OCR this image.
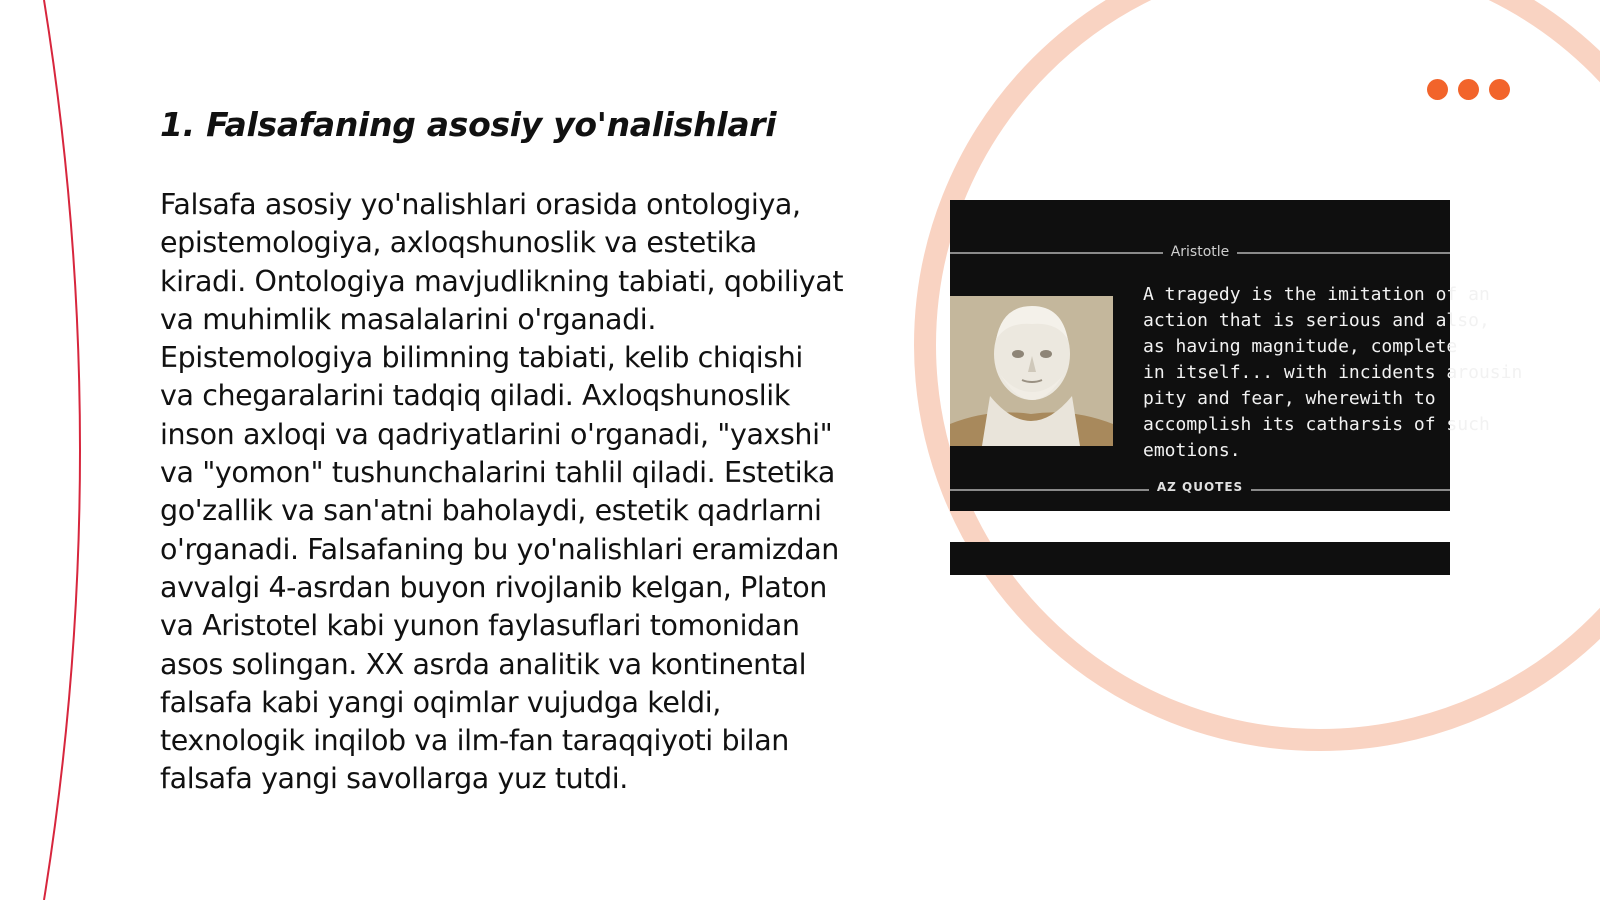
1. Falsafaning asosiy yo'nalishlari

Falsafa asosiy yo'nalishlari orasida ontologiya, epistemologiya, axloqshunoslik va estetika kiradi. Ontologiya mavjudlikning tabiati, qobiliyat va muhimlik masalalarini o'rganadi. Epistemologiya bilimning tabiati, kelib chiqishi va chegaralarini tadqiq qiladi. Axloqshunoslik inson axloqi va qadriyatlarini o'rganadi, "yaxshi" va "yomon" tushunchalarini tahlil qiladi. Estetika go'zallik va san'atni baholaydi, estetik qadrlarni o'rganadi. Falsafaning bu yo'nalishlari eramizdan avvalgi 4-asrdan buyon rivojlanib kelgan, Platon va Aristotel kabi yunon faylasuflari tomonidan asos solingan. XX asrda analitik va kontinental falsafa kabi yangi oqimlar vujudga keldi, texnologik inqilob va ilm-fan taraqqiyoti bilan falsafa yangi savollarga yuz tutdi.

Aristotle
A tragedy is the imitation of an
action that is serious and also,
as having magnitude, complete
in itself... with incidents arousin
pity and fear, wherewith to
accomplish its catharsis of such
emotions.
AZ QUOTES
